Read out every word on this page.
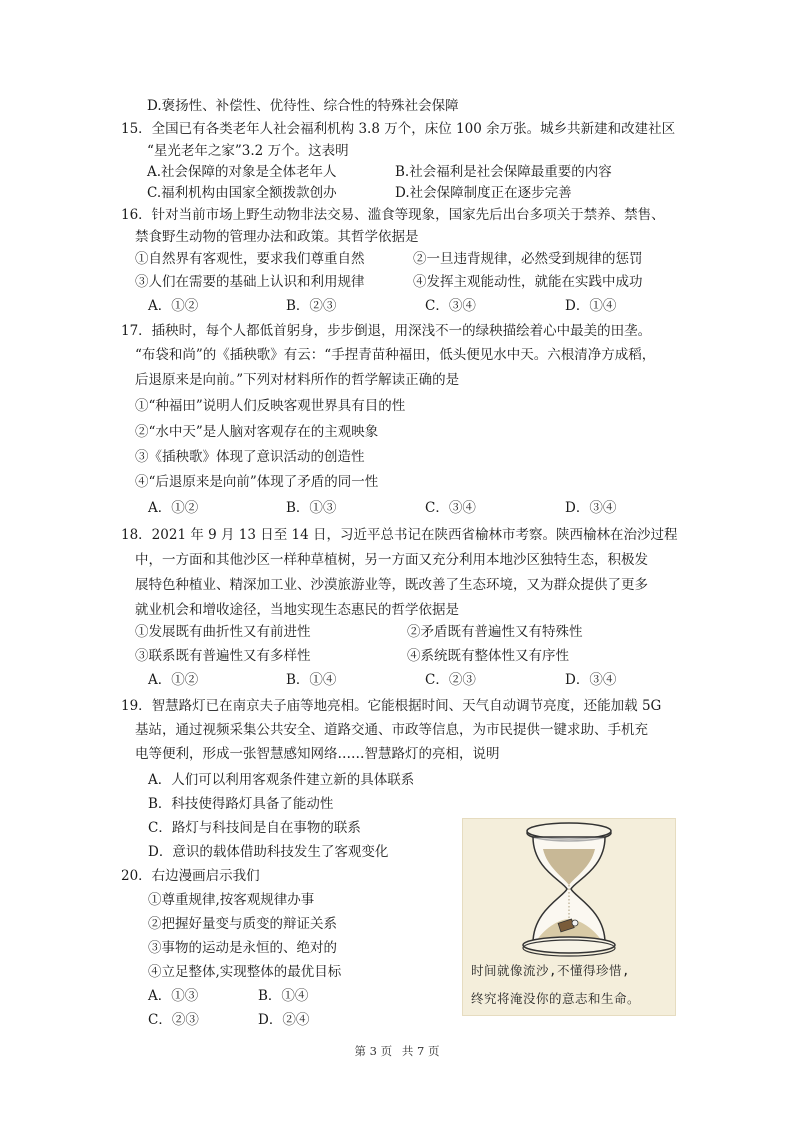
D.褒扬性、补偿性、优待性、综合性的特殊社会保障
15．全国已有各类老年人社会福利机构 3.8 万个，床位 100 余万张。城乡共新建和改建社区
“星光老年之家”3.2 万个。这表明
A.社会保障的对象是全体老年人	B.社会福利是社会保障最重要的内容
C.福利机构由国家全额拨款创办	D.社会保障制度正在逐步完善
16．针对当前市场上野生动物非法交易、滥食等现象，国家先后出台多项关于禁养、禁售、
禁食野生动物的管理办法和政策。其哲学依据是
①自然界有客观性，要求我们尊重自然	②一旦违背规律，必然受到规律的惩罚
③人们在需要的基础上认识和利用规律	④发挥主观能动性，就能在实践中成功
A．①②	B．②③	C．③④	D．①④
17．插秧时，每个人都低首躬身，步步倒退，用深浅不一的绿秧描绘着心中最美的田垄。
“布袋和尚”的《插秧歌》有云：“手捏青苗种福田，低头便见水中天。六根清净方成稻，
后退原来是向前。”下列对材料所作的哲学解读正确的是
①“种福田”说明人们反映客观世界具有目的性
②“水中天”是人脑对客观存在的主观映象
③《插秧歌》体现了意识活动的创造性
④“后退原来是向前”体现了矛盾的同一性
A．①②	B．①③	C．③④	D．③④
18．2021 年 9 月 13 日至 14 日，习近平总书记在陕西省榆林市考察。陕西榆林在治沙过程
中，一方面和其他沙区一样种草植树，另一方面又充分利用本地沙区独特生态，积极发
展特色种植业、精深加工业、沙漠旅游业等，既改善了生态环境，又为群众提供了更多
就业机会和增收途径，当地实现生态惠民的哲学依据是
①发展既有曲折性又有前进性	②矛盾既有普遍性又有特殊性
③联系既有普遍性又有多样性	④系统既有整体性又有序性
A．①②	B．①④	C．②③	D．③④
19．智慧路灯已在南京夫子庙等地亮相。它能根据时间、天气自动调节亮度，还能加载 5G
基站，通过视频采集公共安全、道路交通、市政等信息，为市民提供一键求助、手机充
电等便利，形成一张智慧感知网络……智慧路灯的亮相，说明
A．人们可以利用客观条件建立新的具体联系
B．科技使得路灯具备了能动性
C．路灯与科技间是自在事物的联系
D．意识的载体借助科技发生了客观变化
20．右边漫画启示我们
①尊重规律,按客观规律办事
②把握好量变与质变的辩证关系
③事物的运动是永恒的、绝对的
④立足整体,实现整体的最优目标
A．①③	B．①④
C．②③	D．②④
时间就像流沙,不懂得珍惜,
终究将淹没你的意志和生命。
第 3 页 共 7 页
